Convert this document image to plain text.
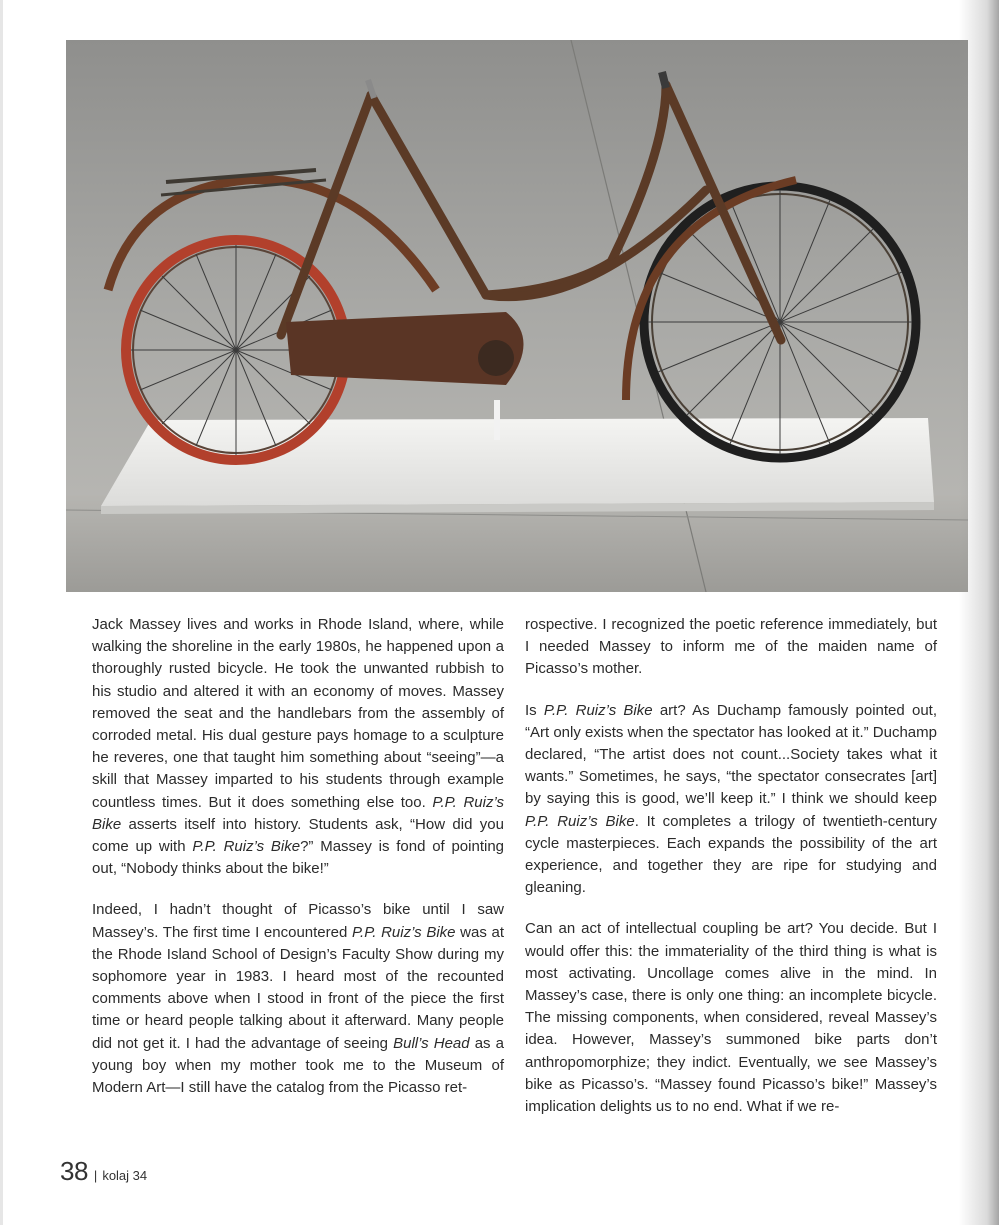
Jack Massey lives and works in Rhode Island, where, while walking the shoreline in the early 1980s, he happened upon a thoroughly rusted bicycle. He took the unwanted rubbish to his studio and altered it with an economy of moves. Massey removed the seat and the handlebars from the assembly of corroded metal. His dual gesture pays homage to a sculpture he reveres, one that taught him something about “seeing”—a skill that Massey imparted to his students through example countless times. But it does something else too. P.P. Ruiz’s Bike asserts itself into history. Students ask, “How did you come up with P.P. Ruiz’s Bike?” Massey is fond of pointing out, “Nobody thinks about the bike!”

Indeed, I hadn’t thought of Picasso’s bike until I saw Massey’s. The first time I encountered P.P. Ruiz’s Bike was at the Rhode Island School of Design’s Faculty Show during my sophomore year in 1983. I heard most of the recounted comments above when I stood in front of the piece the first time or heard people talking about it afterward. Many people did not get it. I had the advantage of seeing Bull’s Head as a young boy when my mother took me to the Museum of Modern Art—I still have the catalog from the Picasso ret-

rospective. I recognized the poetic reference immediately, but I needed Massey to inform me of the maiden name of Picasso’s mother.

Is P.P. Ruiz’s Bike art? As Duchamp famously pointed out, “Art only exists when the spectator has looked at it.” Duchamp declared, “The artist does not count...Society takes what it wants.” Sometimes, he says, “the spectator consecrates [art] by saying this is good, we’ll keep it.” I think we should keep P.P. Ruiz’s Bike. It completes a trilogy of twentieth-century cycle masterpieces. Each expands the possibility of the art experience, and together they are ripe for studying and gleaning.

Can an act of intellectual coupling be art? You decide. But I would offer this: the immateriality of the third thing is what is most activating. Uncollage comes alive in the mind. In Massey’s case, there is only one thing: an incomplete bicycle. The missing components, when considered, reveal Massey’s idea. However, Massey’s summoned bike parts don’t anthropomorphize; they indict. Eventually, we see Massey’s bike as Picasso’s. “Massey found Picasso’s bike!” Massey’s implication delights us to no end. What if we re-

38 | kolaj 34
